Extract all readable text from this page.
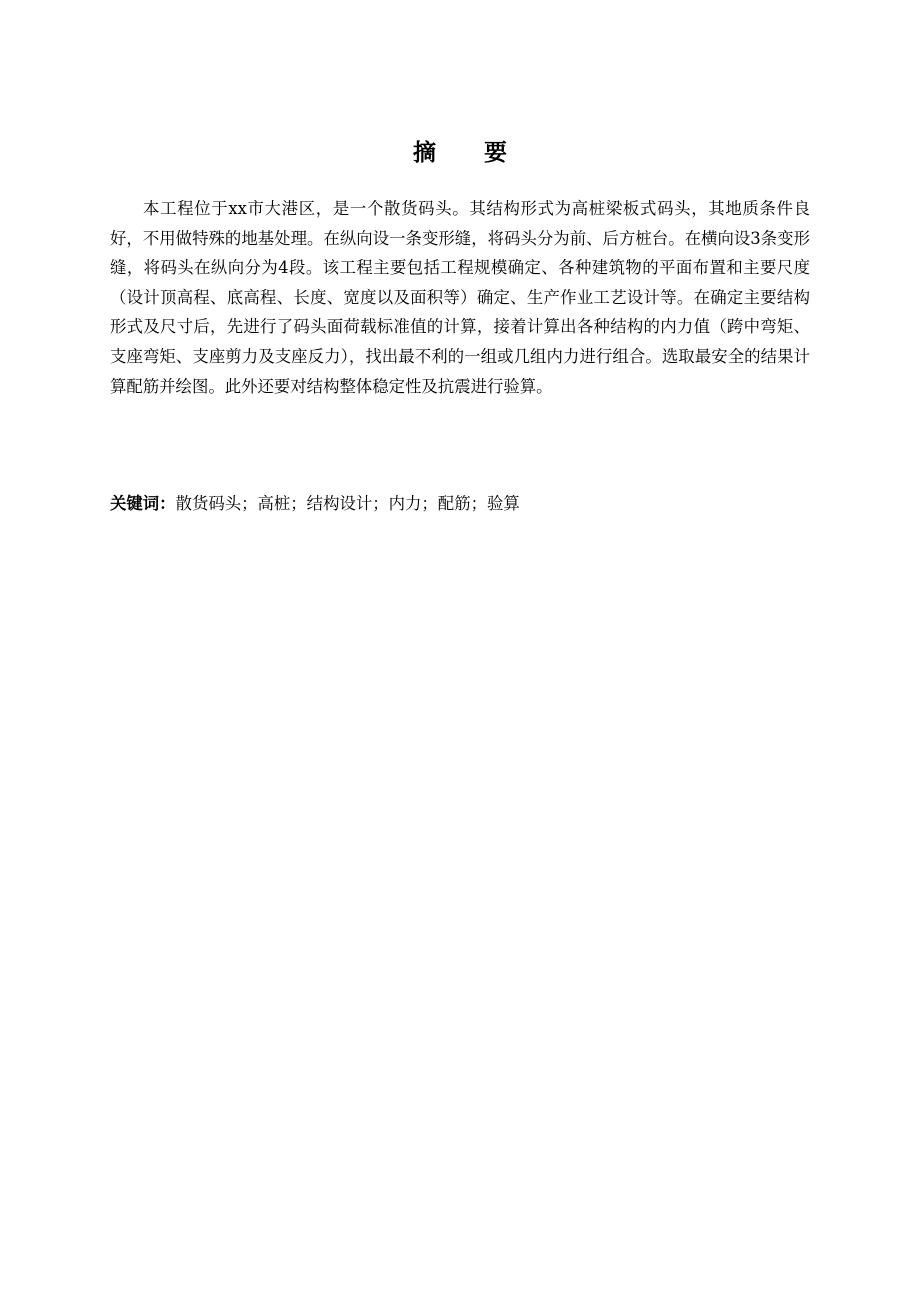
摘 要

本工程位于xx市大港区，是一个散货码头。其结构形式为高桩梁板式码头，其地质条件良好，不用做特殊的地基处理。在纵向设一条变形缝，将码头分为前、后方桩台。在横向设3条变形缝，将码头在纵向分为4段。该工程主要包括工程规模确定、各种建筑物的平面布置和主要尺度（设计顶高程、底高程、长度、宽度以及面积等）确定、生产作业工艺设计等。在确定主要结构形式及尺寸后，先进行了码头面荷载标准值的计算，接着计算出各种结构的内力值（跨中弯矩、支座弯矩、支座剪力及支座反力），找出最不利的一组或几组内力进行组合。选取最安全的结果计算配筋并绘图。此外还要对结构整体稳定性及抗震进行验算。

关键词：散货码头；高桩；结构设计；内力；配筋；验算
